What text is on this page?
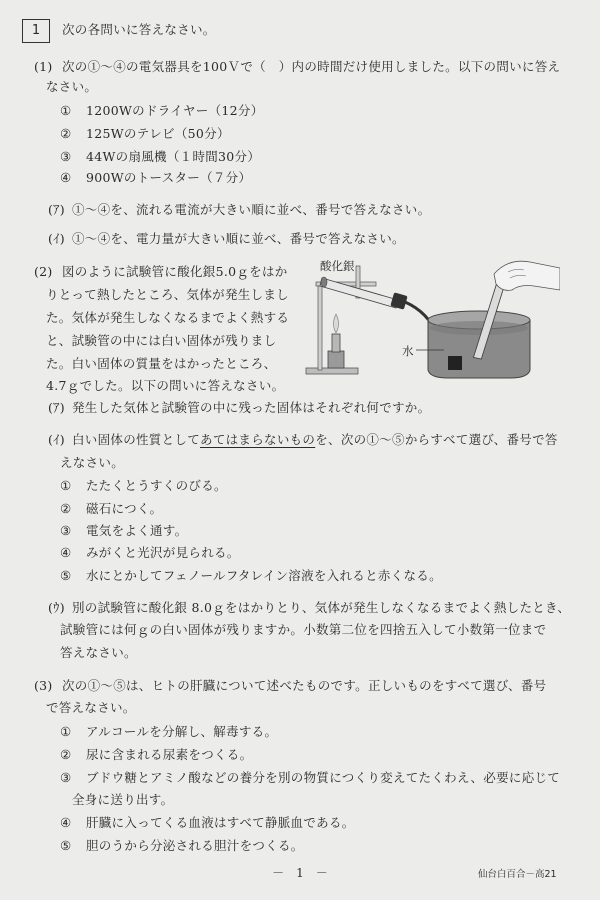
1	次の各問いに答えなさい。
(1) 次の①～④の電気器具を100Ｖで（　）内の時間だけ使用しました。以下の問いに答え
なさい。
① 1200Wのドライヤー（12分）
② 125Wのテレビ（50分）
③ 44Wの扇風機（１時間30分）
④ 900Wのトースター（７分）
(ｱ) ①～④を、流れる電流が大きい順に並べ、番号で答えなさい。
(ｲ) ①～④を、電力量が大きい順に並べ、番号で答えなさい。
(2) 図のように試験管に酸化銀5.0ｇをはか
りとって熱したところ、気体が発生しまし
た。気体が発生しなくなるまでよく熱する
と、試験管の中には白い固体が残りまし
た。白い固体の質量をはかったところ、
4.7ｇでした。以下の問いに答えなさい。
酸化銀
水
(ｱ) 発生した気体と試験管の中に残った固体はそれぞれ何ですか。
(ｲ) 白い固体の性質としてあてはまらないものを、次の①～⑤からすべて選び、番号で答
えなさい。
① たたくとうすくのびる。
② 磁石につく。
③ 電気をよく通す。
④ みがくと光沢が見られる。
⑤ 水にとかしてフェノールフタレイン溶液を入れると赤くなる。
(ｳ) 別の試験管に酸化銀 8.0ｇをはかりとり、気体が発生しなくなるまでよく熱したとき、
試験管には何ｇの白い固体が残りますか。小数第二位を四捨五入して小数第一位まで
答えなさい。
(3) 次の①～⑤は、ヒトの肝臓について述べたものです。正しいものをすべて選び、番号
で答えなさい。
① アルコールを分解し、解毒する。
② 尿に含まれる尿素をつくる。
③ ブドウ糖とアミノ酸などの養分を別の物質につくり変えてたくわえ、必要に応じて
全身に送り出す。
④ 肝臓に入ってくる血液はすべて静脈血である。
⑤ 胆のうから分泌される胆汁をつくる。
－　1　－	仙台白百合－高21
